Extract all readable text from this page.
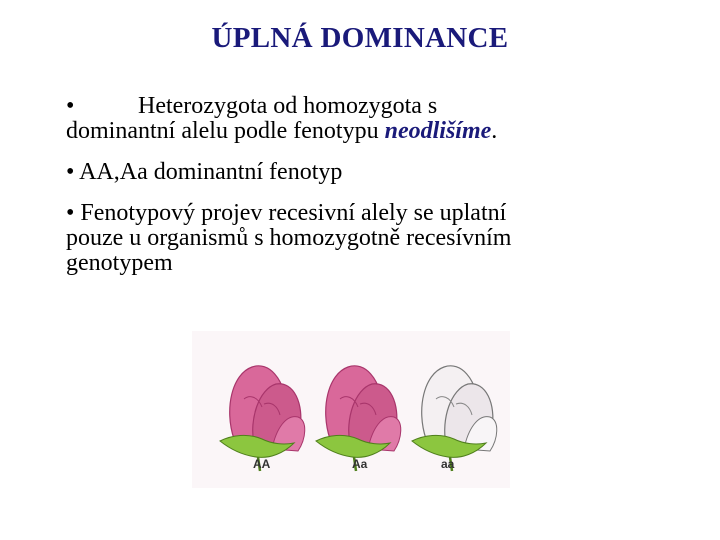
ÚPLNÁ DOMINANCE
•	Heterozygota od homozygota s
dominantní alelu podle fenotypu neodlišíme.
• AA,Aa dominantní fenotyp
• Fenotypový projev recesivní alely se uplatní
pouze u organismů s homozygotně recesívním
genotypem
AA	Aa	aa
